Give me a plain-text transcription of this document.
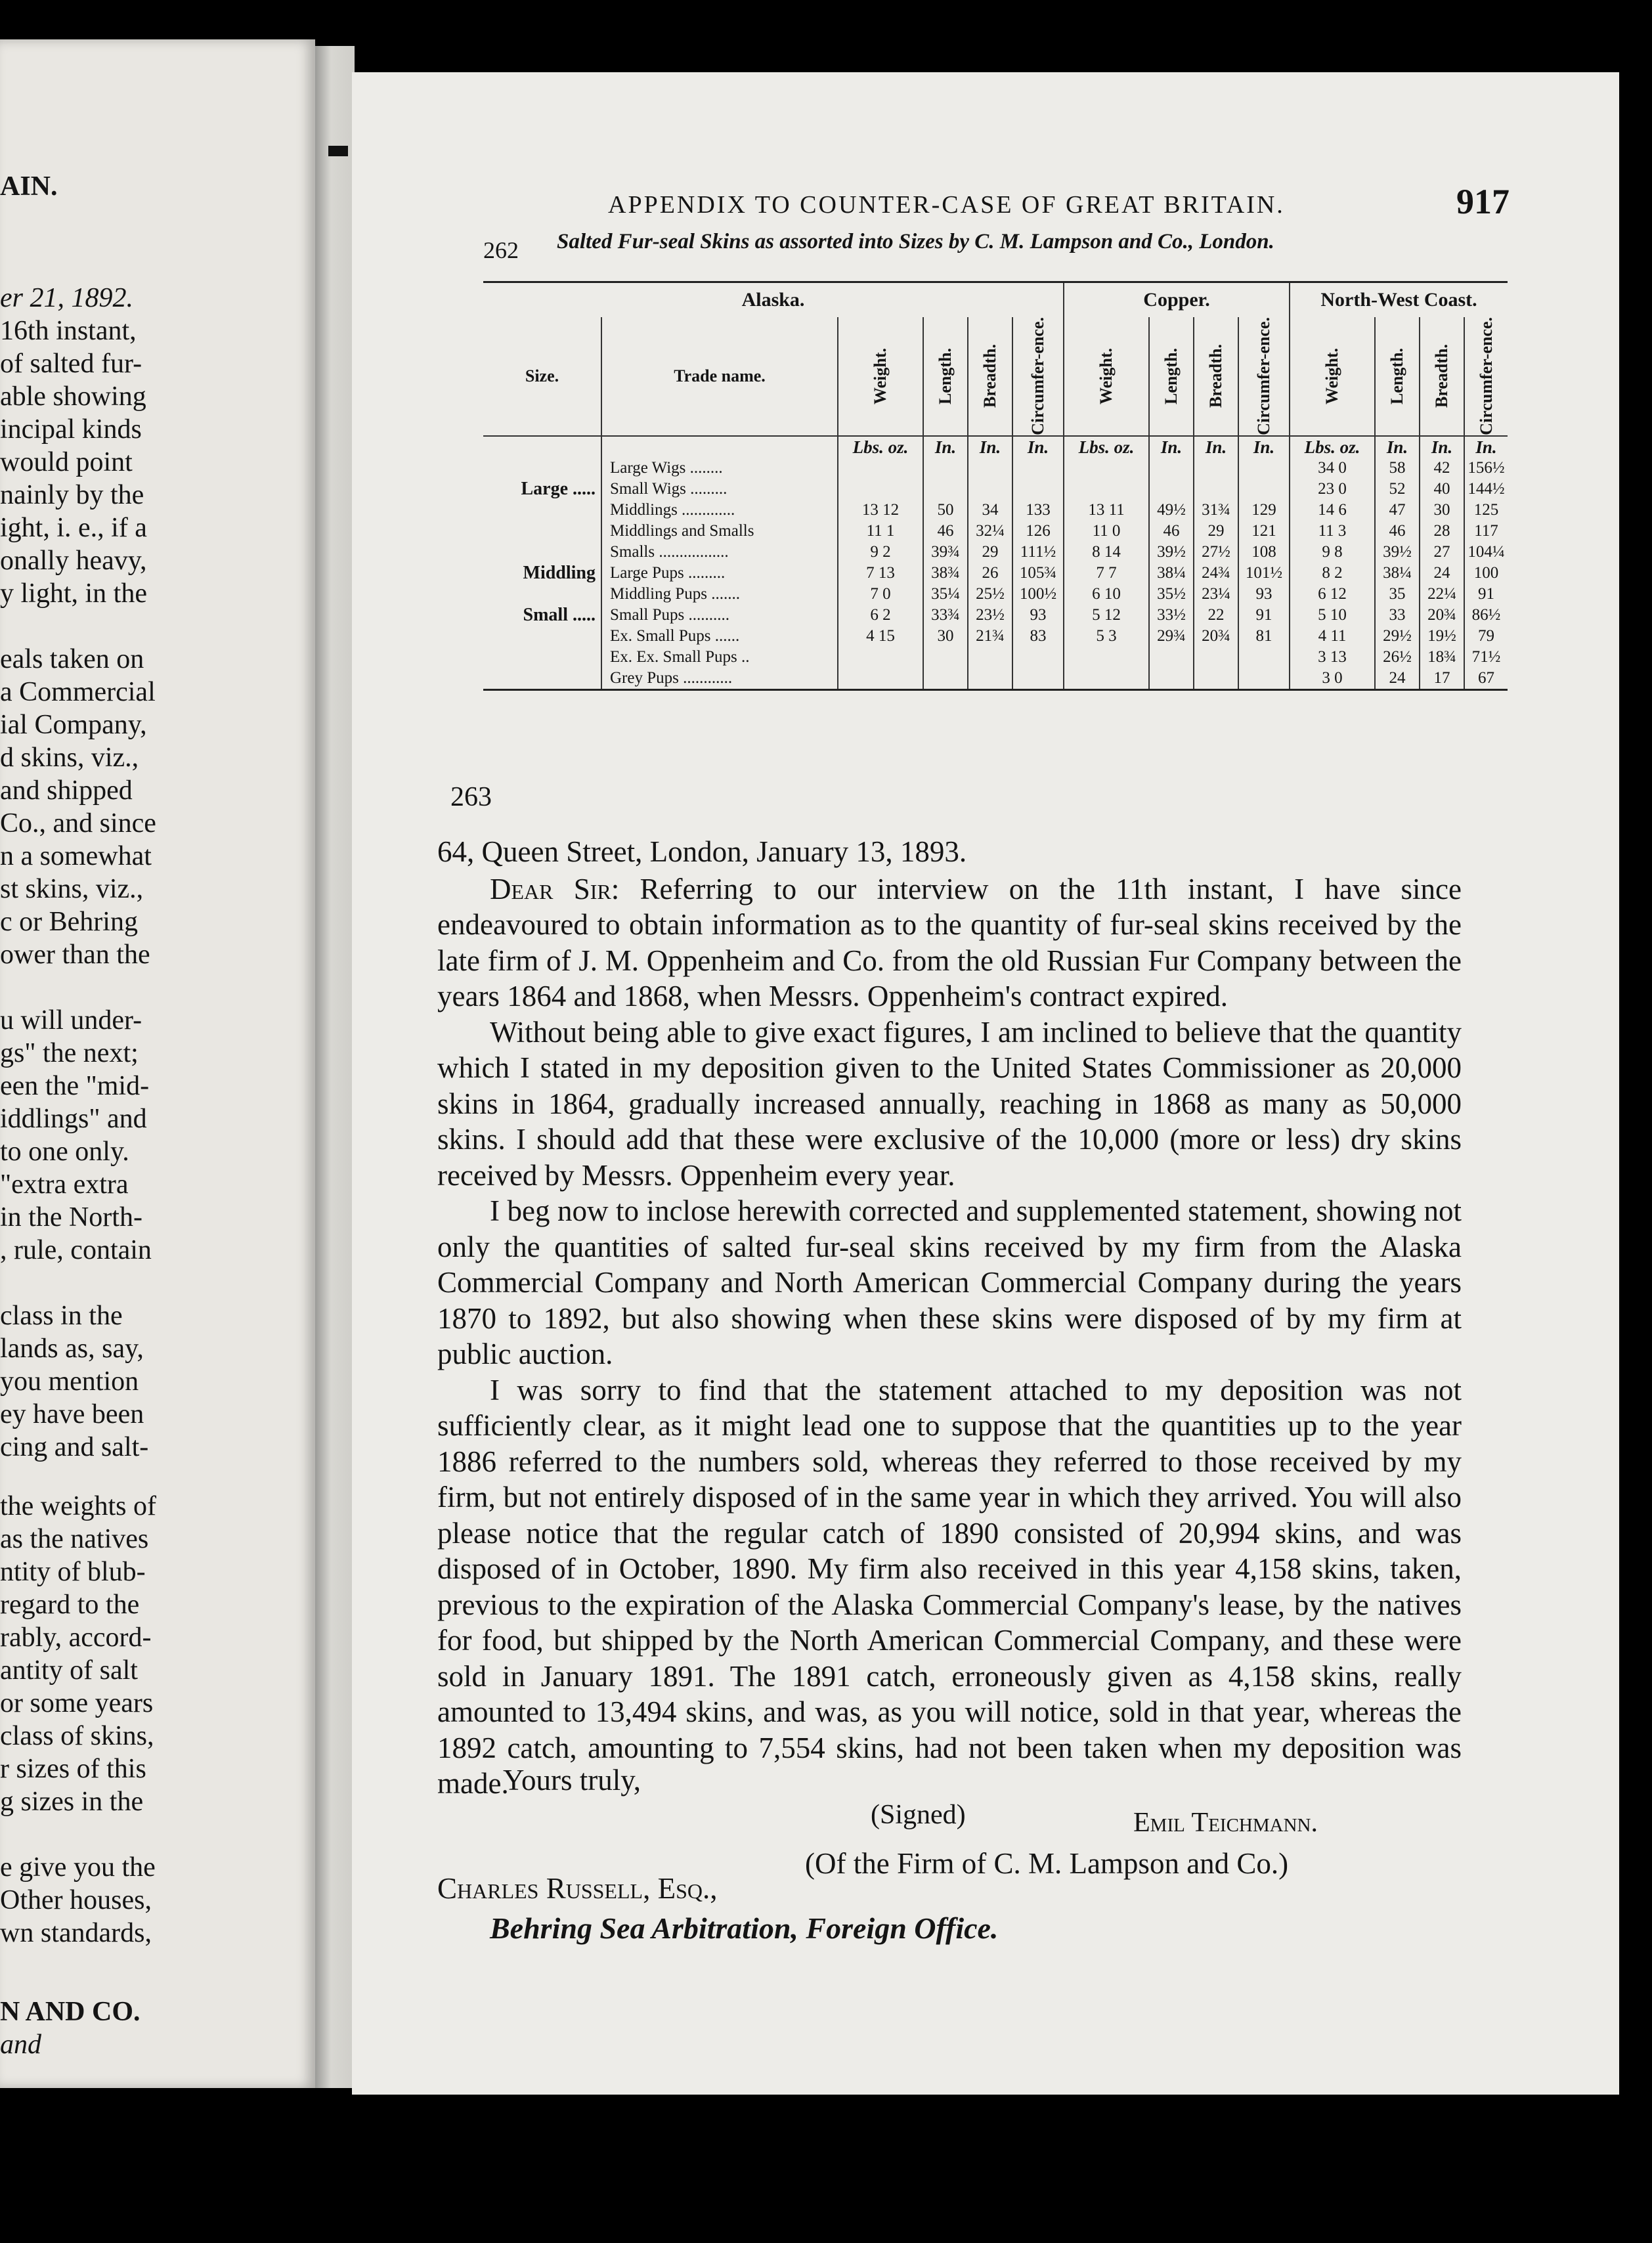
AIN.
er 21, 1892.
16th instant,
of salted fur-
able showing
incipal kinds
would point
nainly by the
ight, i. e., if a
onally heavy,
y light, in the
eals taken on
a Commercial
ial Company,
d skins, viz.,
and shipped
Co., and since
n a somewhat
st skins, viz.,
c or Behring
ower than the
u will under-
gs" the next;
een the "mid-
iddlings" and
to one only.
"extra extra
in the North-
, rule, contain
class in the
lands as, say,
you mention
ey have been
cing and salt-
the weights of
as the natives
ntity of blub-
regard to the
rably, accord-
antity of salt
or some years
class of skins,
r sizes of this
g sizes in the
e give you the
Other houses,
wn standards,
N AND CO.
and
APPENDIX TO COUNTER-CASE OF GREAT BRITAIN.	917
262 Salted Fur-seal Skins as assorted into Sizes by C. M. Lampson and Co., London.
Alaska.						Copper.				North-West Coast.			
Size.	Trade name.	Weight.	Length.	Breadth.	Circumfer-ence.	Weight.	Length.	Breadth.	Circumfer-ence.	Weight.	Length.	Breadth.	Circumfer-ence.

		Lbs. oz.	In.	In.	In.	Lbs. oz.	In.	In.	In.	Lbs. oz.	In.	In.	In.
	Large Wigs ........									34 0	58	42	156½
Large .....	Small Wigs .........									23 0	52	40	144½
	Middlings .............	13 12	50	34	133	13 11	49½	31¾	129	14 6	47	30	125
	Middlings and Smalls	11 1	46	32¼	126	11 0	46	29	121	11 3	46	28	117
	Smalls .................	9 2	39¾	29	111½	8 14	39½	27½	108	9 8	39½	27	104¼
Middling	Large Pups .........	7 13	38¾	26	105¾	7 7	38¼	24¾	101½	8 2	38¼	24	100
	Middling Pups .......	7 0	35¼	25½	100½	6 10	35½	23¼	93	6 12	35	22¼	91
Small .....	Small Pups ..........	6 2	33¾	23½	93	5 12	33½	22	91	5 10	33	20¾	86½
	Ex. Small Pups ......	4 15	30	21¾	83	5 3	29¾	20¾	81	4 11	29½	19½	79
	Ex. Ex. Small Pups ..									3 13	26½	18¾	71½
	Grey Pups ............									3 0	24	17	67
263

64, Queen Street, London, January 13, 1893.

Dear Sir: Referring to our interview on the 11th instant, I have since endeavoured to obtain information as to the quantity of fur-seal skins received by the late firm of J. M. Oppenheim and Co. from the old Russian Fur Company between the years 1864 and 1868, when Messrs. Oppenheim's contract expired.

Without being able to give exact figures, I am inclined to believe that the quantity which I stated in my deposition given to the United States Commissioner as 20,000 skins in 1864, gradually increased annually, reaching in 1868 as many as 50,000 skins. I should add that these were exclusive of the 10,000 (more or less) dry skins received by Messrs. Oppenheim every year.

I beg now to inclose herewith corrected and supplemented statement, showing not only the quantities of salted fur-seal skins received by my firm from the Alaska Commercial Company and North American Commercial Company during the years 1870 to 1892, but also showing when these skins were disposed of by my firm at public auction.

I was sorry to find that the statement attached to my deposition was not sufficiently clear, as it might lead one to suppose that the quantities up to the year 1886 referred to the numbers sold, whereas they referred to those received by my firm, but not entirely disposed of in the same year in which they arrived. You will also please notice that the regular catch of 1890 consisted of 20,994 skins, and was disposed of in October, 1890. My firm also received in this year 4,158 skins, taken, previous to the expiration of the Alaska Commercial Company's lease, by the natives for food, but shipped by the North American Commercial Company, and these were sold in January 1891. The 1891 catch, erroneously given as 4,158 skins, really amounted to 13,494 skins, and was, as you will notice, sold in that year, whereas the 1892 catch, amounting to 7,554 skins, had not been taken when my deposition was made.

Yours truly,
(Signed)	Emil Teichmann.
(Of the Firm of C. M. Lampson and Co.)
Charles Russell, Esq.,
Behring Sea Arbitration, Foreign Office.
